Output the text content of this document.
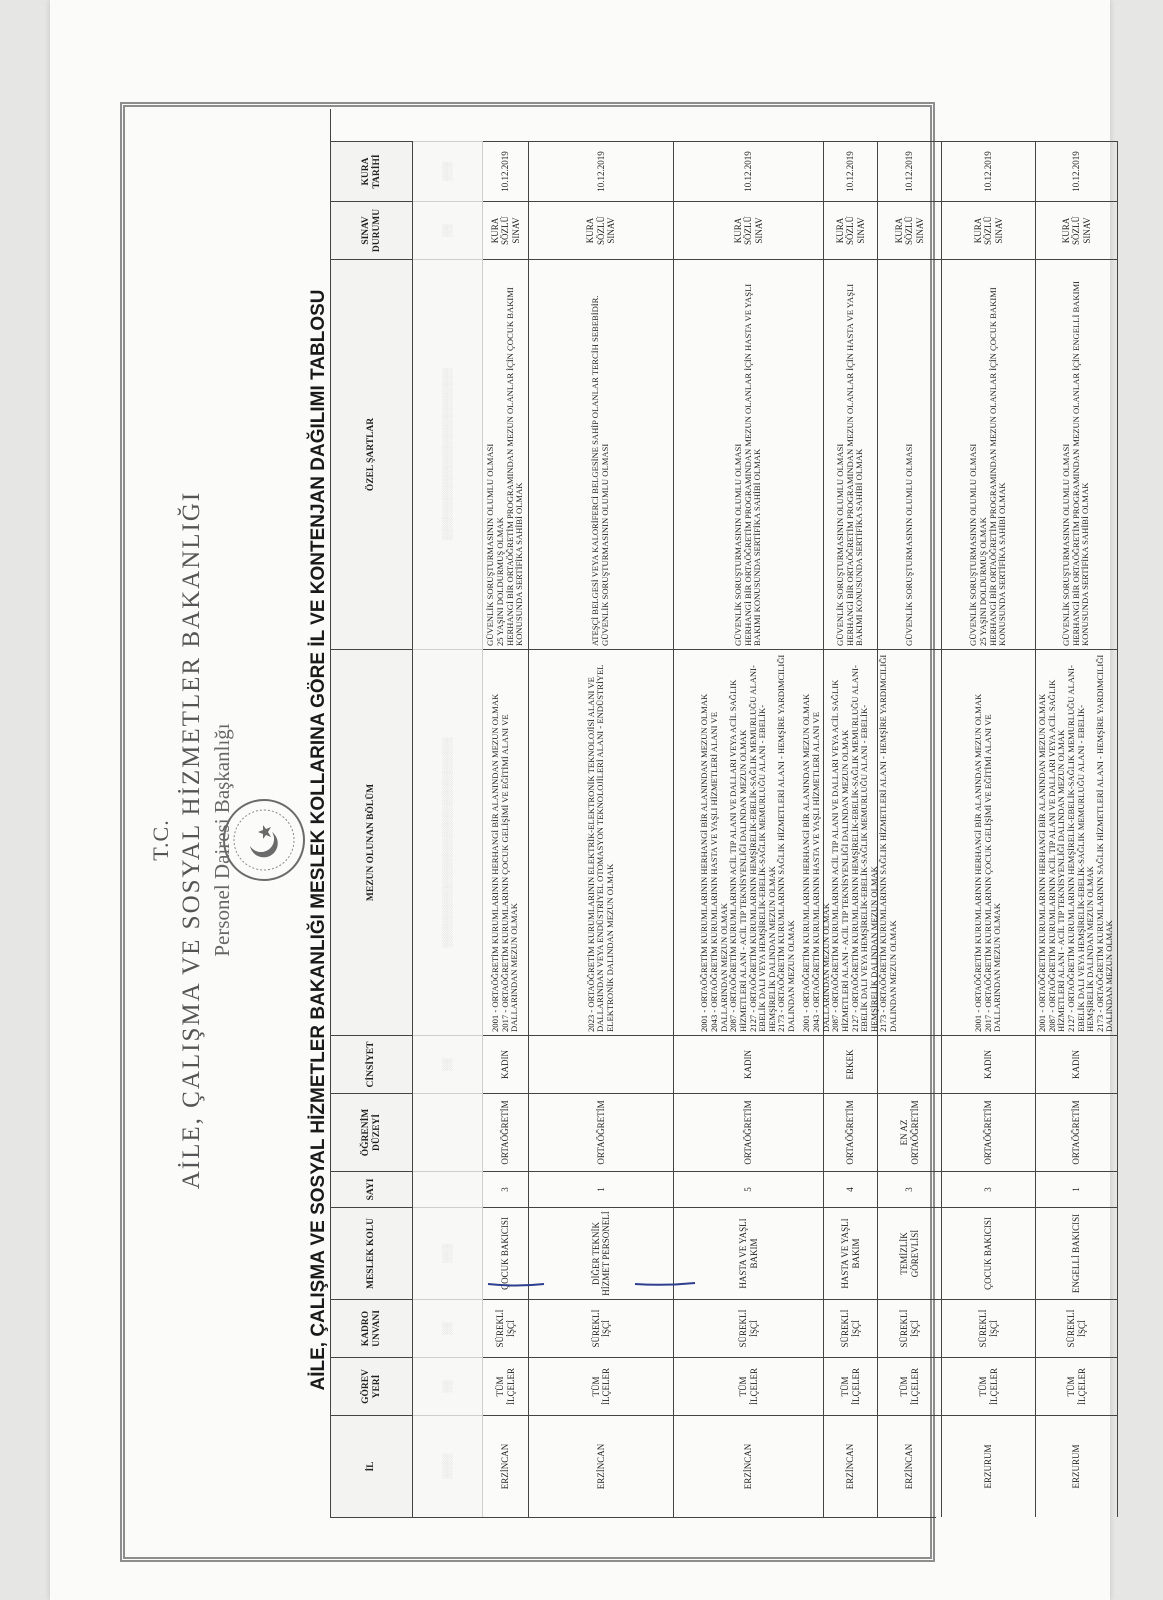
T.C. AİLE, ÇALIŞMA VE SOSYAL HİZMETLER BAKANLIĞI Personel Dairesi Başkanlığı	AİLE, ÇALIŞMA VE SOSYAL HİZMETLER BAKANLIĞI MESLEK KOLLARINA GÖRE İL VE KONTENJAN DAĞILIMI TABLOSU
İL
GÖREV YERİ
KADRO UNVANI
MESLEK KOLU
SAYI
ÖĞRENİM DÜZEYİ
CİNSİYET
MEZUN OLUNAN BÖLÜM
ÖZEL ŞARTLAR
SINAV DURUMU
KURA TARİHİ
░░░░
░░
░░
░░░
░░
░░░░░░░░░░░░░░░░░░░░░░░░░░░░░░░░░
░░░░░░░░░░░░░░░░░░░░░░░░░░░
░░
░░░
ERZİNCAN
TÜM İLÇELER
SÜREKLİ İŞÇİ
ÇOCUK BAKICISI
3
ORTAÖĞRETİM
KADIN
2001 - ORTAÖĞRETİM KURUMLARININ HERHANGİ BİR ALANINDAN MEZUN OLMAK
2017 - ORTAÖĞRETİM KURUMLARININ ÇOCUK GELİŞİMİ VE EĞİTİMİ ALANI VE DALLARINDAN MEZUN OLMAK
GÜVENLİK SORUŞTURMASININ OLUMLU OLMASI
25 YAŞINI DOLDURMUŞ OLMAK
HERHANGİ BİR ORTAÖĞRETİM PROGRAMINDAN MEZUN OLANLAR İÇİN ÇOCUK BAKIMI KONUSUNDA SERTİFİKA SAHİBİ OLMAK
KURA SÖZLÜ SINAV
10.12.2019
ERZİNCAN
TÜM İLÇELER
SÜREKLİ İŞÇİ
DİĞER TEKNİK HİZMET PERSONELİ
1
ORTAÖĞRETİM
2023 - ORTAÖĞRETİM KURUMLARININ ELEKTRİK-ELEKTRONİK TEKNOLOJİSİ ALANI VE DALLARINDAN VEYA ENDÜSTRİYEL OTOMASYON TEKNOLOJİLERİ ALANI - ENDÜSTRİYEL ELEKTRONİK DALINDAN MEZUN OLMAK
ATEŞÇİ BELGESİ VEYA KALORİFERCİ BELGESİNE SAHİP OLANLAR TERCİH SEBEBİDİR.
GÜVENLİK SORUŞTURMASININ OLUMLU OLMASI
KURA SÖZLÜ SINAV
10.12.2019
ERZİNCAN
TÜM İLÇELER
SÜREKLİ İŞÇİ
HASTA VE YAŞLI BAKIM
5
ORTAÖĞRETİM
KADIN
2001 - ORTAÖĞRETİM KURUMLARININ HERHANGİ BİR ALANINDAN MEZUN OLMAK
2043 - ORTAÖĞRETİM KURUMLARININ HASTA VE YAŞLI HİZMETLERİ ALANI VE DALLARINDAN MEZUN OLMAK
2087 - ORTAÖĞRETİM KURUMLARININ ACİL TIP ALANI VE DALLARI VEYA ACİL SAĞLIK HİZMETLERİ ALANI - ACİL TIP TEKNİSYENLİĞİ DALINDAN MEZUN OLMAK
2127 - ORTAÖĞRETİM KURUMLARININ HEMŞİRELİK-EBELİK-SAĞLIK MEMURLUĞU ALANI- EBELİK DALI VEYA HEMŞİRELİK-EBELİK-SAĞLIK MEMURLUĞU ALANI - EBELİK-HEMŞİRELİK DALINDAN MEZUN OLMAK
2173 - ORTAÖĞRETİM KURUMLARININ SAĞLIK HİZMETLERİ ALANI - HEMŞİRE YARDIMCILIĞI DALINDAN MEZUN OLMAK
GÜVENLİK SORUŞTURMASININ OLUMLU OLMASI
HERHANGİ BİR ORTAÖĞRETİM PROGRAMINDAN MEZUN OLANLAR İÇİN HASTA VE YAŞLI BAKIMI KONUSUNDA SERTİFİKA SAHİBİ OLMAK
KURA SÖZLÜ SINAV
10.12.2019
ERZİNCAN
TÜM İLÇELER
SÜREKLİ İŞÇİ
HASTA VE YAŞLI BAKIM
4
ORTAÖĞRETİM
ERKEK
2001 - ORTAÖĞRETİM KURUMLARININ HERHANGİ BİR ALANINDAN MEZUN OLMAK
2043 - ORTAÖĞRETİM KURUMLARININ HASTA VE YAŞLI HİZMETLERİ ALANI VE DALLARINDAN MEZUN OLMAK
2087 - ORTAÖĞRETİM KURUMLARININ ACİL TIP ALANI VE DALLARI VEYA ACİL SAĞLIK HİZMETLERİ ALANI - ACİL TIP TEKNİSYENLİĞİ DALINDAN MEZUN OLMAK
2127 - ORTAÖĞRETİM KURUMLARININ HEMŞİRELİK-EBELİK-SAĞLIK MEMURLUĞU ALANI- EBELİK DALI VEYA HEMŞİRELİK-EBELİK-SAĞLIK MEMURLUĞU ALANI - EBELİK-HEMŞİRELİK DALINDAN MEZUN OLMAK
2173 - ORTAÖĞRETİM KURUMLARININ SAĞLIK HİZMETLERİ ALANI - HEMŞİRE YARDIMCILIĞI DALINDAN MEZUN OLMAK
GÜVENLİK SORUŞTURMASININ OLUMLU OLMASI
HERHANGİ BİR ORTAÖĞRETİM PROGRAMINDAN MEZUN OLANLAR İÇİN HASTA VE YAŞLI BAKIMI KONUSUNDA SERTİFİKA SAHİBİ OLMAK
KURA SÖZLÜ SINAV
10.12.2019
ERZİNCAN
TÜM İLÇELER
SÜREKLİ İŞÇİ
TEMİZLİK GÖREVLİSİ
3
EN AZ ORTAÖĞRETİM
GÜVENLİK SORUŞTURMASININ OLUMLU OLMASI
KURA SÖZLÜ SINAV
10.12.2019
ERZURUM
TÜM İLÇELER
SÜREKLİ İŞÇİ
ÇOCUK BAKICISI
3
ORTAÖĞRETİM
KADIN
2001 - ORTAÖĞRETİM KURUMLARININ HERHANGİ BİR ALANINDAN MEZUN OLMAK
2017 - ORTAÖĞRETİM KURUMLARININ ÇOCUK GELİŞİMİ VE EĞİTİMİ ALANI VE DALLARINDAN MEZUN OLMAK
GÜVENLİK SORUŞTURMASININ OLUMLU OLMASI
25 YAŞINI DOLDURMUŞ OLMAK
HERHANGİ BİR ORTAÖĞRETİM PROGRAMINDAN MEZUN OLANLAR İÇİN ÇOCUK BAKIMI KONUSUNDA SERTİFİKA SAHİBİ OLMAK
KURA SÖZLÜ SINAV
10.12.2019
ERZURUM
TÜM İLÇELER
SÜREKLİ İŞÇİ
ENGELLİ BAKICISI
1
ORTAÖĞRETİM
KADIN
2001 - ORTAÖĞRETİM KURUMLARININ HERHANGİ BİR ALANINDAN MEZUN OLMAK
2087 - ORTAÖĞRETİM KURUMLARININ ACİL TIP ALANI VE DALLARI VEYA ACİL SAĞLIK HİZMETLERİ ALANI - ACİL TIP TEKNİSYENLİĞİ DALINDAN MEZUN OLMAK
2127 - ORTAÖĞRETİM KURUMLARININ HEMŞİRELİK-EBELİK-SAĞLIK MEMURLUĞU ALANI- EBELİK DALI VEYA HEMŞİRELİK-EBELİK-SAĞLIK MEMURLUĞU ALANI - EBELİK-HEMŞİRELİK DALINDAN MEZUN OLMAK
2173 - ORTAÖĞRETİM KURUMLARININ SAĞLIK HİZMETLERİ ALANI - HEMŞİRE YARDIMCILIĞI DALINDAN MEZUN OLMAK
GÜVENLİK SORUŞTURMASININ OLUMLU OLMASI
HERHANGİ BİR ORTAÖĞRETİM PROGRAMINDAN MEZUN OLANLAR İÇİN ENGELLİ BAKIMI KONUSUNDA SERTİFİKA SAHİBİ OLMAK
KURA SÖZLÜ SINAV
10.12.2019
